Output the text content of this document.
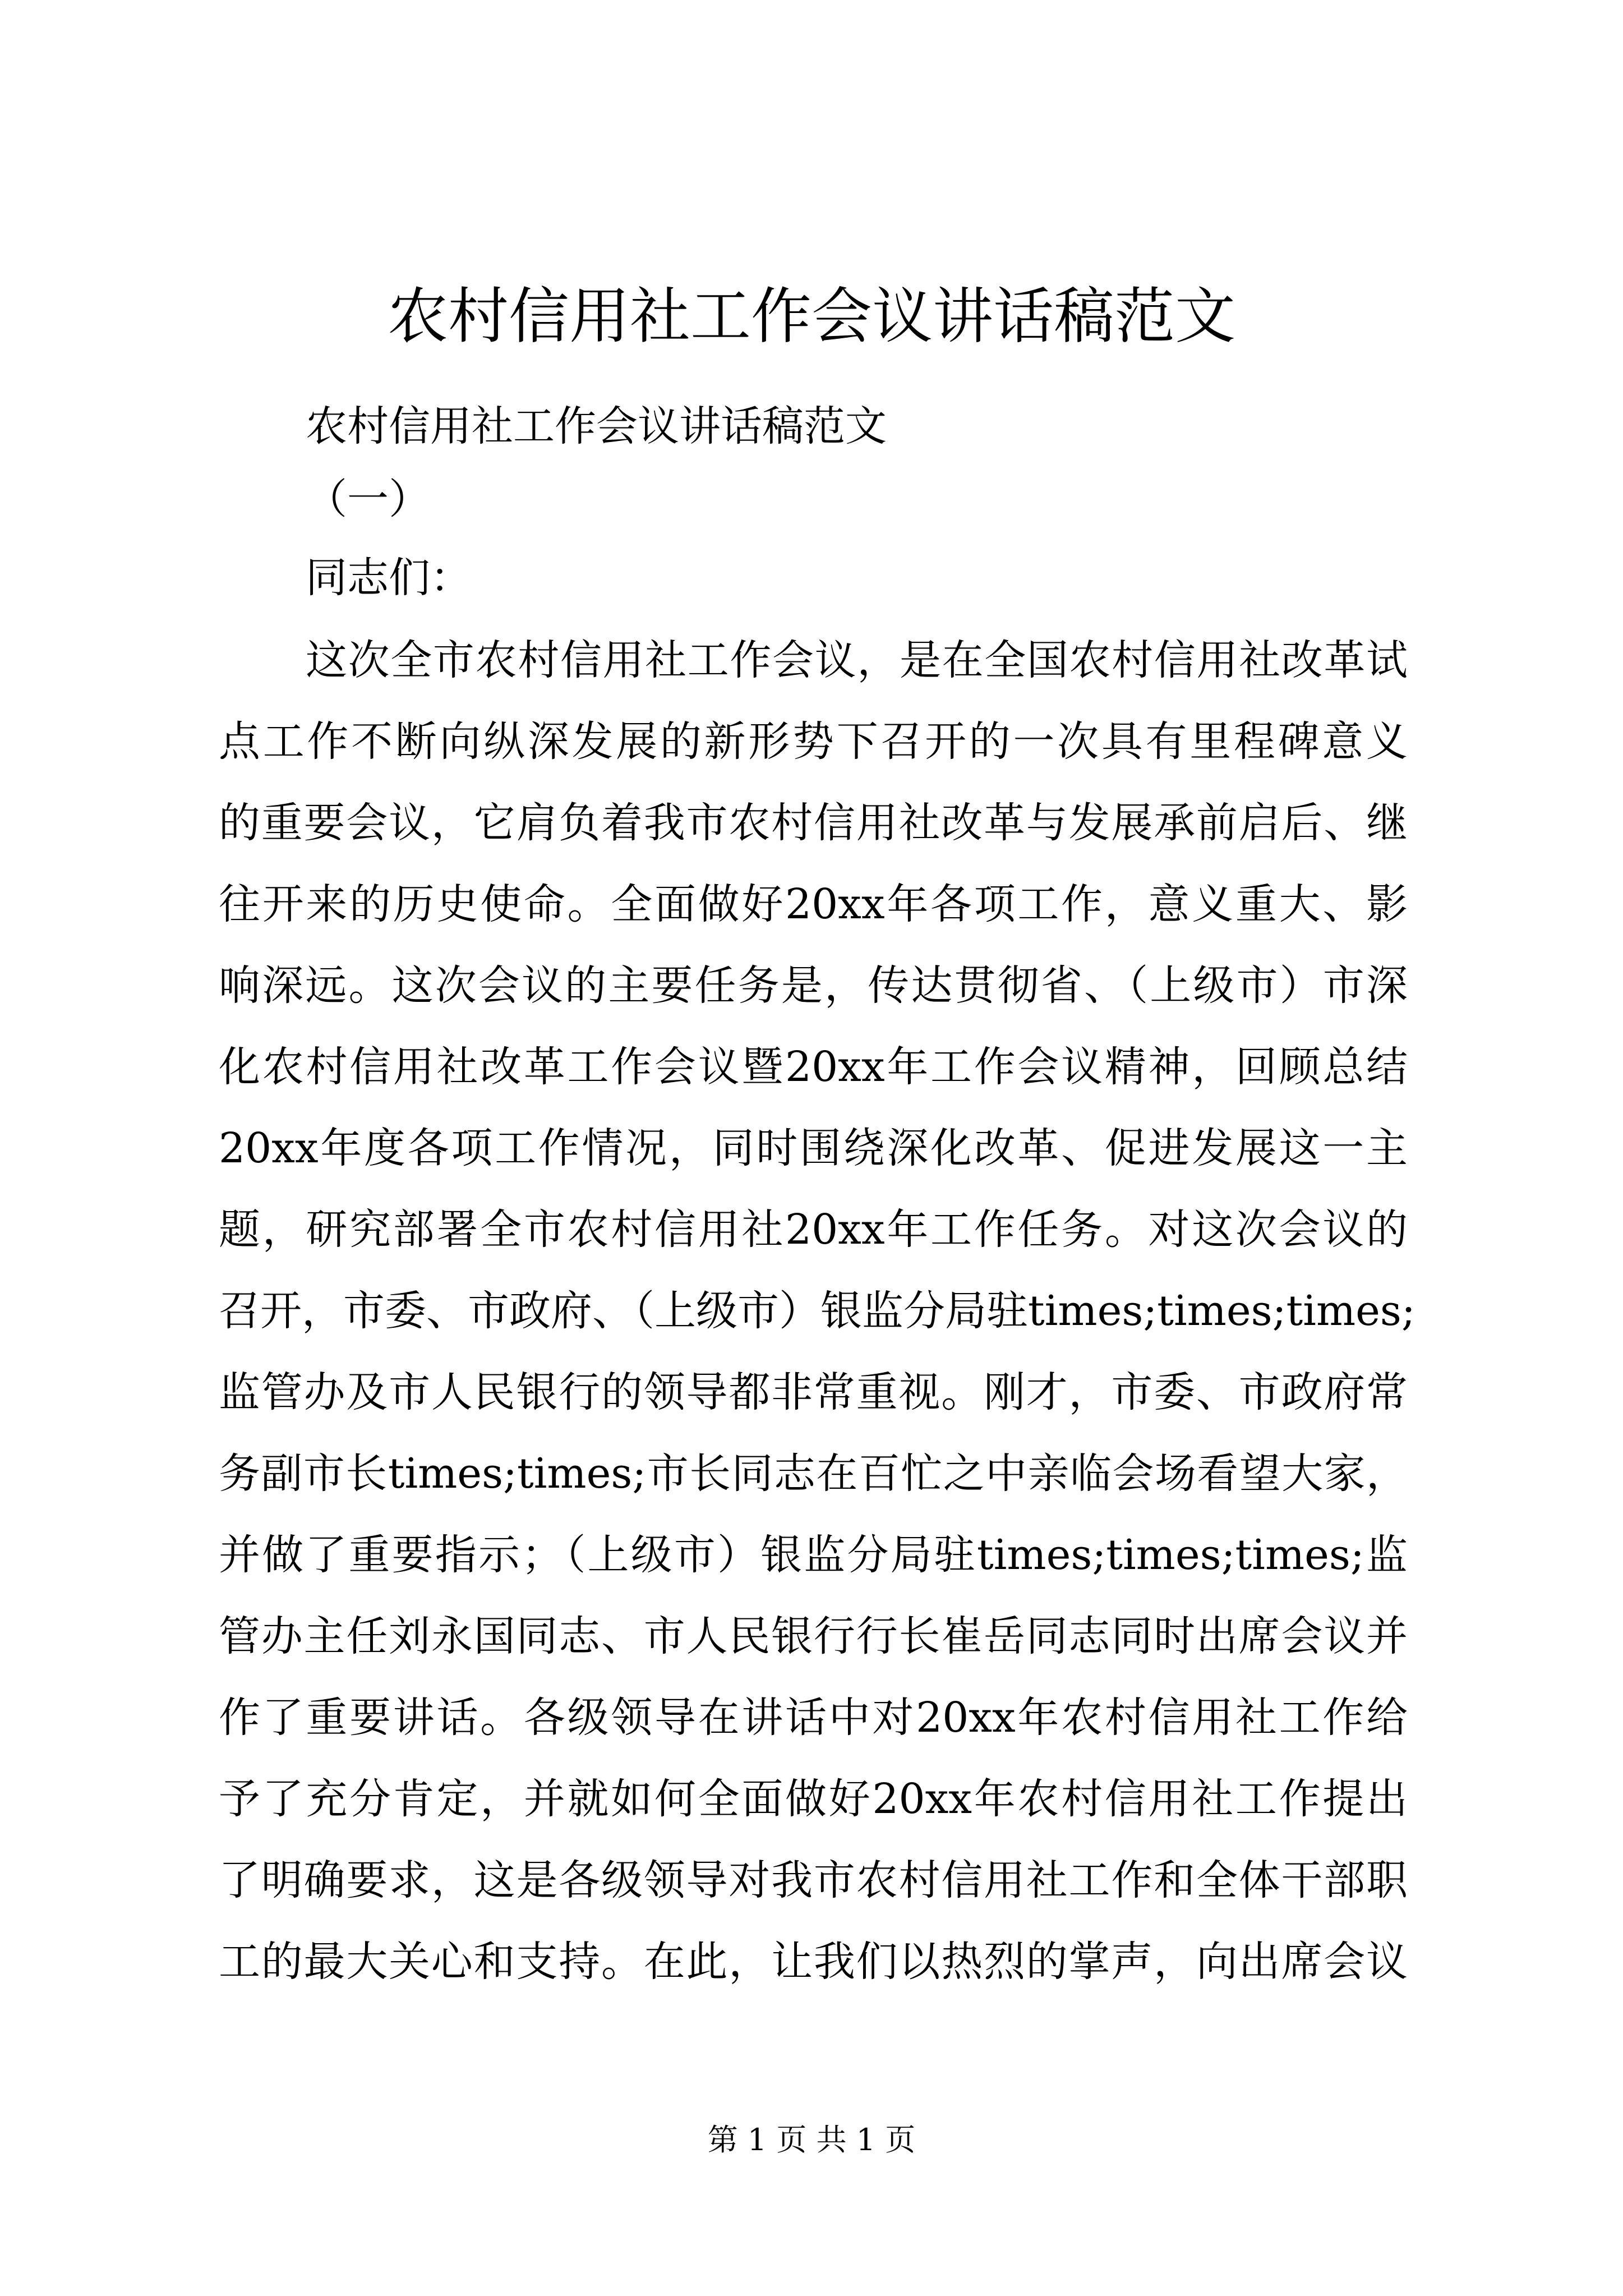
农村信用社工作会议讲话稿范文

农村信用社工作会议讲话稿范文

（一）

同志们：

这次全市农村信用社工作会议，是在全国农村信用社改革试

点工作不断向纵深发展的新形势下召开的一次具有里程碑意义

的重要会议，它肩负着我市农村信用社改革与发展承前启后、继

往开来的历史使命。全面做好20xx年各项工作，意义重大、影

响深远。这次会议的主要任务是，传达贯彻省、（上级市）市深

化农村信用社改革工作会议暨20xx年工作会议精神，回顾总结

20xx年度各项工作情况，同时围绕深化改革、促进发展这一主

题，研究部署全市农村信用社20xx年工作任务。对这次会议的

召开，市委、市政府、（上级市）银监分局驻times;times;times;

监管办及市人民银行的领导都非常重视。刚才，市委、市政府常

务副市长times;times;市长同志在百忙之中亲临会场看望大家，

并做了重要指示；（上级市）银监分局驻times;times;times;监

管办主任刘永国同志、市人民银行行长崔岳同志同时出席会议并

作了重要讲话。各级领导在讲话中对20xx年农村信用社工作给

予了充分肯定，并就如何全面做好20xx年农村信用社工作提出

了明确要求，这是各级领导对我市农村信用社工作和全体干部职

工的最大关心和支持。在此，让我们以热烈的掌声，向出席会议

第 1 页 共 1 页
